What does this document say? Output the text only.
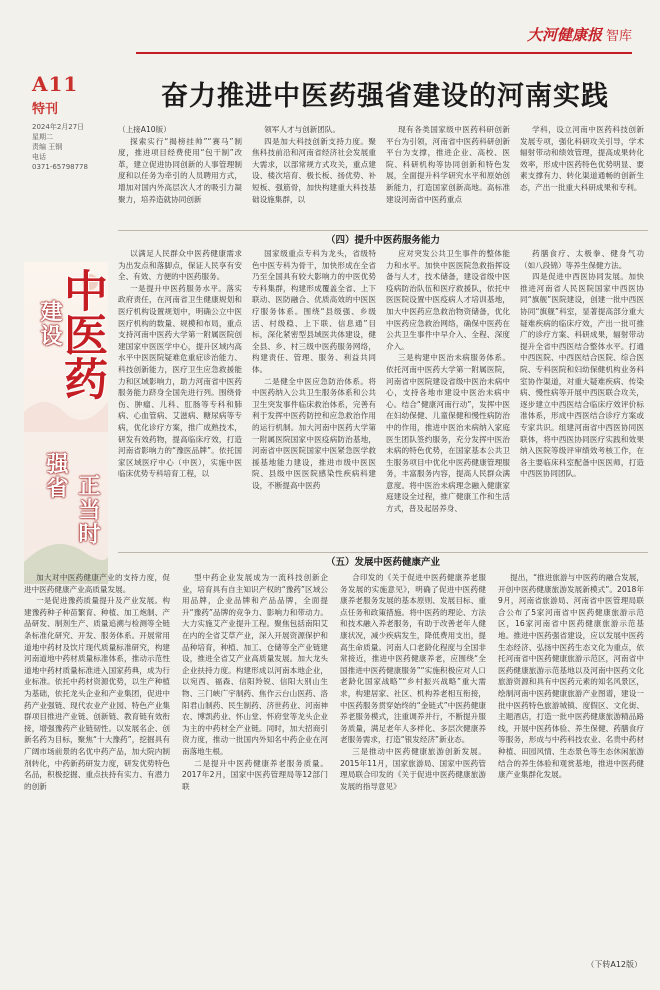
A11
特刊
2024年2月27日
星期二
责编 王钢
电话
0371-65798778
建设
中医药
强省 正当时
大河健康报 智库
奋力推进中医药强省建设的河南实践

（上接A10版）
探索实行“揭榜挂帅”“赛马”制度，推进项目经费使用“包干制”改革，建立促进协同创新的人事管理制度和以任务为牵引的人员聘用方式，增加对国内外高层次人才的吸引力凝聚力，培养造就协同创新

领军人才与创新团队。
四是加大科技创新支持力度。聚焦科技前沿和河南省经济社会发展重大需求，以部常规方式攻关，重点建设、楼次培育、极长板、扬优势、补短板、强筋骨，加快构建重大科技基础设施集群，以

现有各类国家级中医药科研创新平台为引领，河南省中医药科研创新平台为支撑，推进企业、高校、医院、科研机构等协同创新和特色发展，全面提升科学研究水平和原始创新能力，打造国家创新高地。高标准建设河南省中医药重点

学科，设立河南中医药科技创新发展专项，强化科研攻关引导，学术辐射带动和绩效管理，提高成果转化效率，形成中医药特色优势明显、要素支撑有力、转化渠道通畅的创新生态，产出一批重大科研成果和专利。

（四）提升中医药服务能力

以满足人民群众中医药健康需求为出发点和落脚点，保证人民享有安全、有效、方便的中医药服务。
一是提升中医药服务水平。落实政府责任，在河南省卫生健康规划和医疗机构设置规划中，明确公立中医医疗机构的数量、规模和布局，重点支持河南中医药大学第一附属医院创建国家中医医学中心，提升区域内高水平中医医院疑难危重症诊治能力、科技创新能力，医疗卫生应急救援能力和区域影响力，助力河南省中医药服务能力跻身全国先进行列。围绕骨伤、肿瘤、儿科、肛肠等专科和肺病、心血管病、艾滋病、糖尿病等专病，优化诊疗方案，推广成熟技术，研发有效药物，提高临床疗效，打造河南省影响力的“豫医品牌”。依托国家区域医疗中心（中医），实施中医临床优势专科培育工程，以

国家级重点专科为龙头，省级特色中医专科为骨干，加快形成在全省乃至全国具有较大影响力的中医优势专科集群，构建形成覆盖全省、上下联动、医防融合、优质高效的中医医疗服务体系。围绕“县级强、乡级活、村级稳、上下联、信息通”目标，深化紧密型县域医共体建设，健全县、乡、村三级中医药服务网络，构建责任、管理、服务、利益共同体。
二是健全中医应急防治体系。将中医药纳入公共卫生服务体系和公共卫生突发事件临床救治体系，完善有利于发挥中医药防控和应急救治作用的运行机制。加大河南中医药大学第一附属医院国家中医疫病防治基地，河南省中医医院国家中医紧急医学救援基地能力建设，推进市级中医医院、县级中医医院感染性疾病科建设，不断提高中医药

应对突发公共卫生事件的整体能力和水平。加快中医医院急救指挥设备与人才，技术储备，建设省级中医疫病防治队伍和医疗救援队，依托中医医院设置中医疫病人才培训基地，加大中医药应急救治物资储备，优化中医药应急救治网络，确保中医药在公共卫生事件中早介入、全程、深度介入。
三是构建中医治未病服务体系。依托河南中医药大学第一附属医院，河南省中医院建设省级中医治未病中心，支持各地市建设中医治未病中心。结合“健康河南行动”，发挥中医在妇幼保健、儿童保健和慢性病防治中的作用，推进中医治未病纳入家庭医生团队签约服务，充分发挥中医治未病的特色优势，在国家基本公共卫生服务项目中优化中医药健康管理服务，丰富服务内容，提高人民群众满意度。将中医治未病理念融入健康家庭建设全过程，推广健康工作和生活方式，普及起居养身、

药膳食疗、太极拳、健身气功（如八段锦）等养生保健方法。
四是促进中西医协同发展。加快推进河南省人民医院国家中西医协同“旗舰”医院建设，创建一批中西医协同“旗舰”科室，显著提高部分重大疑难疾病的临床疗效，产出一批可推广的诊疗方案、科研成果，辐射带动提升全省中西医结合整体水平。打通中西医院、中西医结合医院、综合医院、专科医院和妇幼保健机构业务科室协作渠道，对重大疑难疾病、传染病、慢性病等开展中西医联合攻关，逐步建立中西医结合临床疗效评价标准体系，形成中西医结合诊疗方案或专家共识。组建河南省中西医协同医联体，将中西医协同医疗实践和效果纳入医院等级评审绩效考核工作，在各主要临床科室配备中医医师，打造中西医协同团队。

（五）发展中医药健康产业

加大对中医药健康产业的支持力度，促进中医药健康产业高质量发展。
一是促进豫药质量提升及产业发展。构建豫药种子种苗繁育、种植、加工炮制、产品研发、制剂生产、质量追溯与检测等全链条标准化研究、开发、服务体系。开展常用道地中药材及饮片现代质量标准研究，构建河南道地中药材质量标准体系，推动示范性道地中药材质量标准进入国家药典，成为行业标准。依托中药材资源优势，以生产种植为基础，依托龙头企业和产业集团，促进中药产业强链、现代农业产业园、特色产业集群项目推进产业链、创新链、教育链有效衔接，增强豫药产业链韧性。以发展名企、创新名药为目标，聚焦“十大豫药”，挖掘具有广阔市场前景的名优中药产品，加大院内制剂转化，中药新药研发力度，研发优势特色名品，积极挖掘、重点扶持有实力、有潜力的创新

型中药企业发展成为一流科技创新企业，培育具有自主知识产权的“豫药”区域公用品牌，企业品牌和产品品牌，全面提升“豫药”品牌的竞争力、影响力和带动力。大力实施艾产业提升工程。聚焦包括南阳艾在内的全省艾草产业，深入开展资源保护和品种培育，种植、加工、仓储等全产业链建设，推进全省艾产业高质量发展。加大龙头企业扶持力度。构建形成以河南本地企业，以宛西、福森、信阳羚锐、信阳大别山生物、三门峡广宇制药、焦作云台山医药、洛阳君山制药、民生制药、济世药业、河南神农、博凯药业、怀山堂、怀府堂等龙头企业为主的中药材全产业链。同时，加大招商引资力度，推动一批国内外知名中药企业在河南落地生根。
二是提升中医药健康养老服务质量。2017年2月，国家中医药管理局等12部门联

合印发的《关于促进中医药健康养老服务发展的实施意见》，明确了促进中医药健康养老服务发展的基本原则、发展目标、重点任务和政策措施。将中医药的理论、方法和技术融入养老服务，有助于改善老年人健康状况，减少疾病发生，降低费用支出，提高生命质量。河南人口老龄化程度与全国非常接近，推进中医药健康养老，应围绕“全国推进中医药健康服务”“实施积极应对人口老龄化国家战略”“乡村振兴战略”重大需求，构建居家、社区、机构养老相互衔接，中医药服务贯穿始终的“金链式”中医药健康养老服务模式，注重调养并行，不断提升服务质量，满足老年人多样化、多层次健康养老服务需求，打造“银发经济”新业态。
三是推动中医药健康旅游创新发展。2015年11月，国家旅游局、国家中医药管理局联合印发的《关于促进中医药健康旅游发展的指导意见》

提出，“推进旅游与中医药的融合发展，开创中医药健康旅游发展新模式”。2018年9月，河南省旅游局、河南省中医管理局联合公布了5家河南省中医药健康旅游示范区，16家河南省中医药健康旅游示范基地。推进中医药强省建设，应以发展中医药生态经济、弘扬中医药生态文化为重点，依托河南省中医药健康旅游示范区，河南省中医药健康旅游示范基地以及河南中医药文化旅游资源和具有中医药元素的知名风景区，绘制河南中医药健康旅游产业图谱，建设一批中医药特色旅游城镇、度假区、文化街、主题酒店，打造一批中医药健康旅游精品路线，开展中医药体验、养生保健、药膳食疗等服务，形成与中药科技农业、名贵中药材种植、田园风情、生态景色等生态休闲旅游结合的养生体验和观赏基地，推进中医药健康产业集群化发展。

（下转A12版）
